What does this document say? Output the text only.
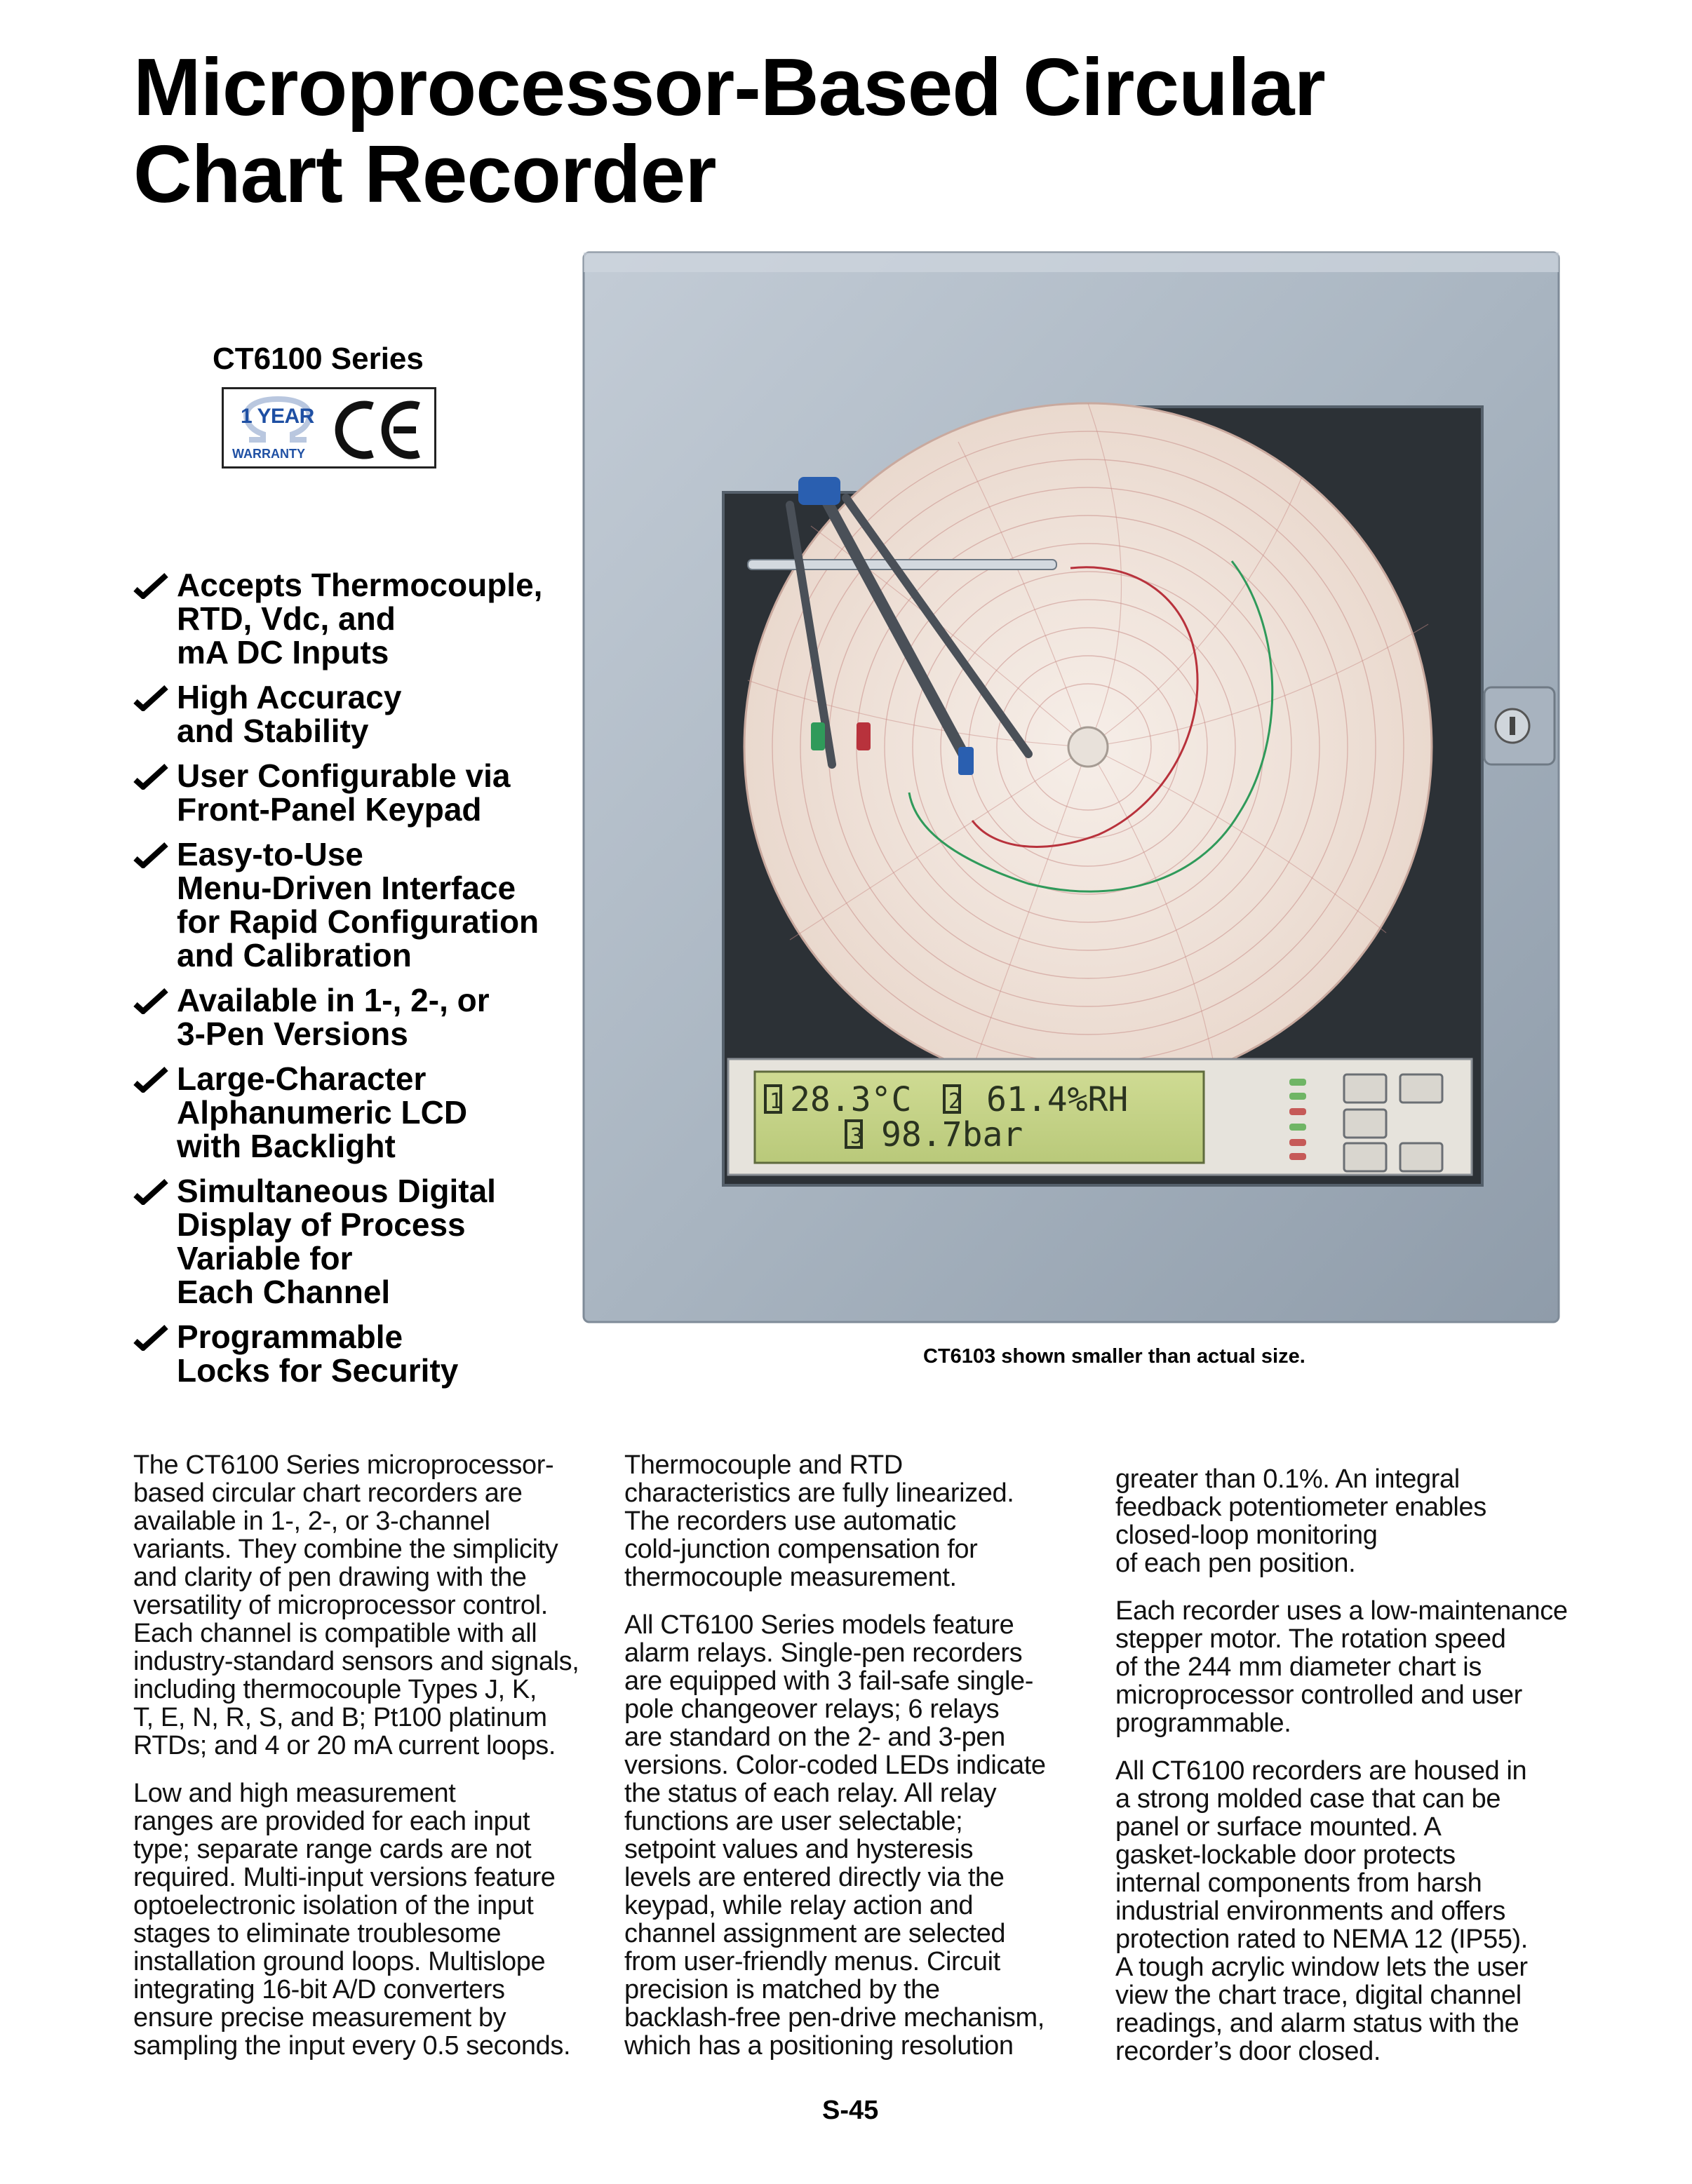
Microprocessor-Based Circular
Chart Recorder
CT6100 Series
1 YEAR
WARRANTY
Accepts Thermocouple,
RTD, Vdc, and
mA DC Inputs
High Accuracy
and Stability
User Configurable via
Front-Panel Keypad
Easy-to-Use
Menu-Driven Interface
for Rapid Configuration
and Calibration
Available in 1-, 2-, or
3-Pen Versions
Large-Character
Alphanumeric LCD
with Backlight
Simultaneous Digital
Display of Process
Variable for
Each Channel
Programmable
Locks for Security
1 28.3°C 2 61.4%RH
3 98.7bar
CT6103 shown smaller than actual size.

The CT6100 Series microprocessor-
based circular chart recorders are
available in 1-, 2-, or 3-channel
variants. They combine the simplicity
and clarity of pen drawing with the
versatility of microprocessor control.
Each channel is compatible with all
industry-standard sensors and signals,
including thermocouple Types J, K,
T, E, N, R, S, and B; Pt100 platinum
RTDs; and 4 or 20 mA current loops.

Low and high measurement
ranges are provided for each input
type; separate range cards are not
required. Multi-input versions feature
optoelectronic isolation of the input
stages to eliminate troublesome
installation ground loops. Multislope
integrating 16-bit A/D converters
ensure precise measurement by
sampling the input every 0.5 seconds.

Thermocouple and RTD
characteristics are fully linearized.
The recorders use automatic
cold-junction compensation for
thermocouple measurement.

All CT6100 Series models feature
alarm relays. Single-pen recorders
are equipped with 3 fail-safe single-
pole changeover relays; 6 relays
are standard on the 2- and 3-pen
versions. Color-coded LEDs indicate
the status of each relay. All relay
functions are user selectable;
setpoint values and hysteresis
levels are entered directly via the
keypad, while relay action and
channel assignment are selected
from user-friendly menus. Circuit
precision is matched by the
backlash-free pen-drive mechanism,
which has a positioning resolution

greater than 0.1%. An integral
feedback potentiometer enables
closed-loop monitoring
of each pen position.

Each recorder uses a low-maintenance
stepper motor. The rotation speed
of the 244 mm diameter chart is
microprocessor controlled and user
programmable.

All CT6100 recorders are housed in
a strong molded case that can be
panel or surface mounted. A
gasket-lockable door protects
internal components from harsh
industrial environments and offers
protection rated to NEMA 12 (IP55).
A tough acrylic window lets the user
view the chart trace, digital channel
readings, and alarm status with the
recorder’s door closed.

S-45
